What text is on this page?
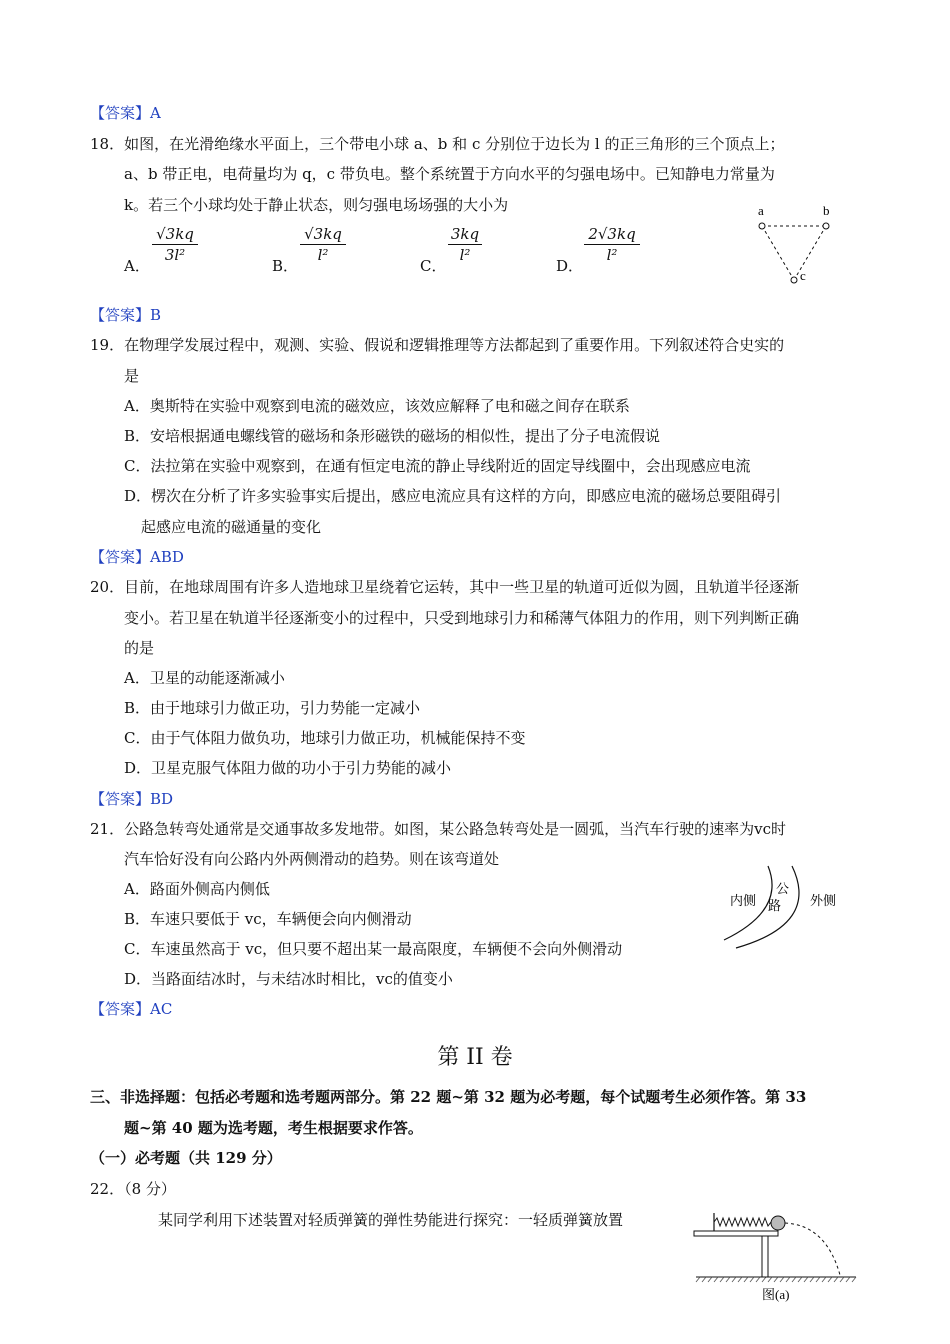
【答案】A
18．如图，在光滑绝缘水平面上，三个带电小球 a、b 和 c 分别位于边长为 l 的正三角形的三个顶点上；
a、b 带正电，电荷量均为 q，c 带负电。整个系统置于方向水平的匀强电场中。已知静电力常量为
k。若三个小球均处于静止状态，则匀强电场场强的大小为
A．
$\frac{√3kq}{\text{3l²}}$
B．
$\frac{√3kq}{\text{l²}}$
C．
$\frac{3kq}{\text{l²}}$
D．
$\frac{2√3kq}{\text{l²}}$
a	b
c
【答案】B
19．在物理学发展过程中，观测、实验、假说和逻辑推理等方法都起到了重要作用。下列叙述符合史实的
是
A．奥斯特在实验中观察到电流的磁效应，该效应解释了电和磁之间存在联系
B．安培根据通电螺线管的磁场和条形磁铁的磁场的相似性，提出了分子电流假说
C．法拉第在实验中观察到，在通有恒定电流的静止导线附近的固定导线圈中，会出现感应电流
D．楞次在分析了许多实验事实后提出，感应电流应具有这样的方向，即感应电流的磁场总要阻碍引
起感应电流的磁通量的变化
【答案】ABD
20．目前，在地球周围有许多人造地球卫星绕着它运转，其中一些卫星的轨道可近似为圆，且轨道半径逐渐
变小。若卫星在轨道半径逐渐变小的过程中，只受到地球引力和稀薄气体阻力的作用，则下列判断正确
的是
A．卫星的动能逐渐减小
B．由于地球引力做正功，引力势能一定减小
C．由于气体阻力做负功，地球引力做正功，机械能保持不变
D．卫星克服气体阻力做的功小于引力势能的减小
【答案】BD
21．公路急转弯处通常是交通事故多发地带。如图，某公路急转弯处是一圆弧，当汽车行驶的速率为vc时
汽车恰好没有向公路内外两侧滑动的趋势。则在该弯道处
A．路面外侧高内侧低
B．车速只要低于 vc，车辆便会向内侧滑动
C．车速虽然高于 vc，但只要不超出某一最高限度，车辆便不会向外侧滑动
D．当路面结冰时，与未结冰时相比，vc的值变小
内侧
公
路 外侧
【答案】AC
第 II 卷
三、非选择题：包括必考题和选考题两部分。第 22 题~第 32 题为必考题，每个试题考生必须作答。第 33
题~第 40 题为选考题，考生根据要求作答。
（一）必考题（共 129 分）
22．（8 分）
某同学利用下述装置对轻质弹簧的弹性势能进行探究：一轻质弹簧放置
图(a)
